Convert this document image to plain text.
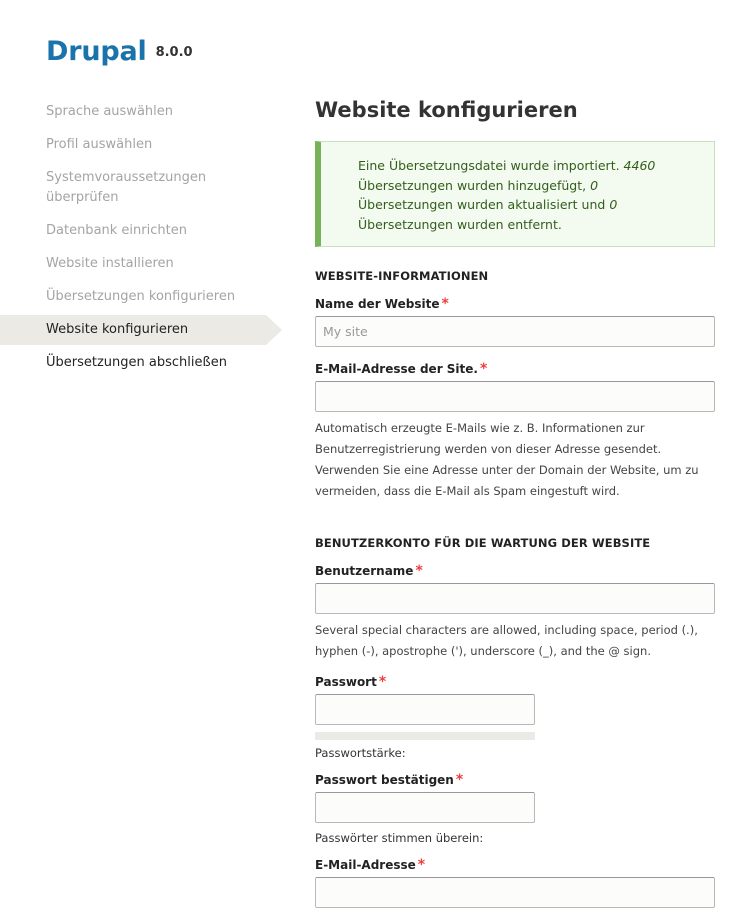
Drupal 8.0.0
Sprache auswählen
Profil auswählen
Systemvoraussetzungen überprüfen
Datenbank einrichten
Website installieren
Übersetzungen konfigurieren
Website konfigurieren
Übersetzungen abschließen
Website konfigurieren
Eine Übersetzungsdatei wurde importiert. 4460 Übersetzungen wurden hinzugefügt, 0 Übersetzungen wurden aktualisiert und 0 Übersetzungen wurden entfernt.
WEBSITE-INFORMATIONEN
Name der Website *
My site
E-Mail-Adresse der Site. *
Automatisch erzeugte E-Mails wie z. B. Informationen zur Benutzerregistrierung werden von dieser Adresse gesendet. Verwenden Sie eine Adresse unter der Domain der Website, um zu vermeiden, dass die E-Mail als Spam eingestuft wird.
BENUTZERKONTO FÜR DIE WARTUNG DER WEBSITE
Benutzername *
Several special characters are allowed, including space, period (.), hyphen (-), apostrophe ('), underscore (_), and the @ sign.
Passwort *
Passwortstärke:
Passwort bestätigen *
Passwörter stimmen überein:
E-Mail-Adresse *
